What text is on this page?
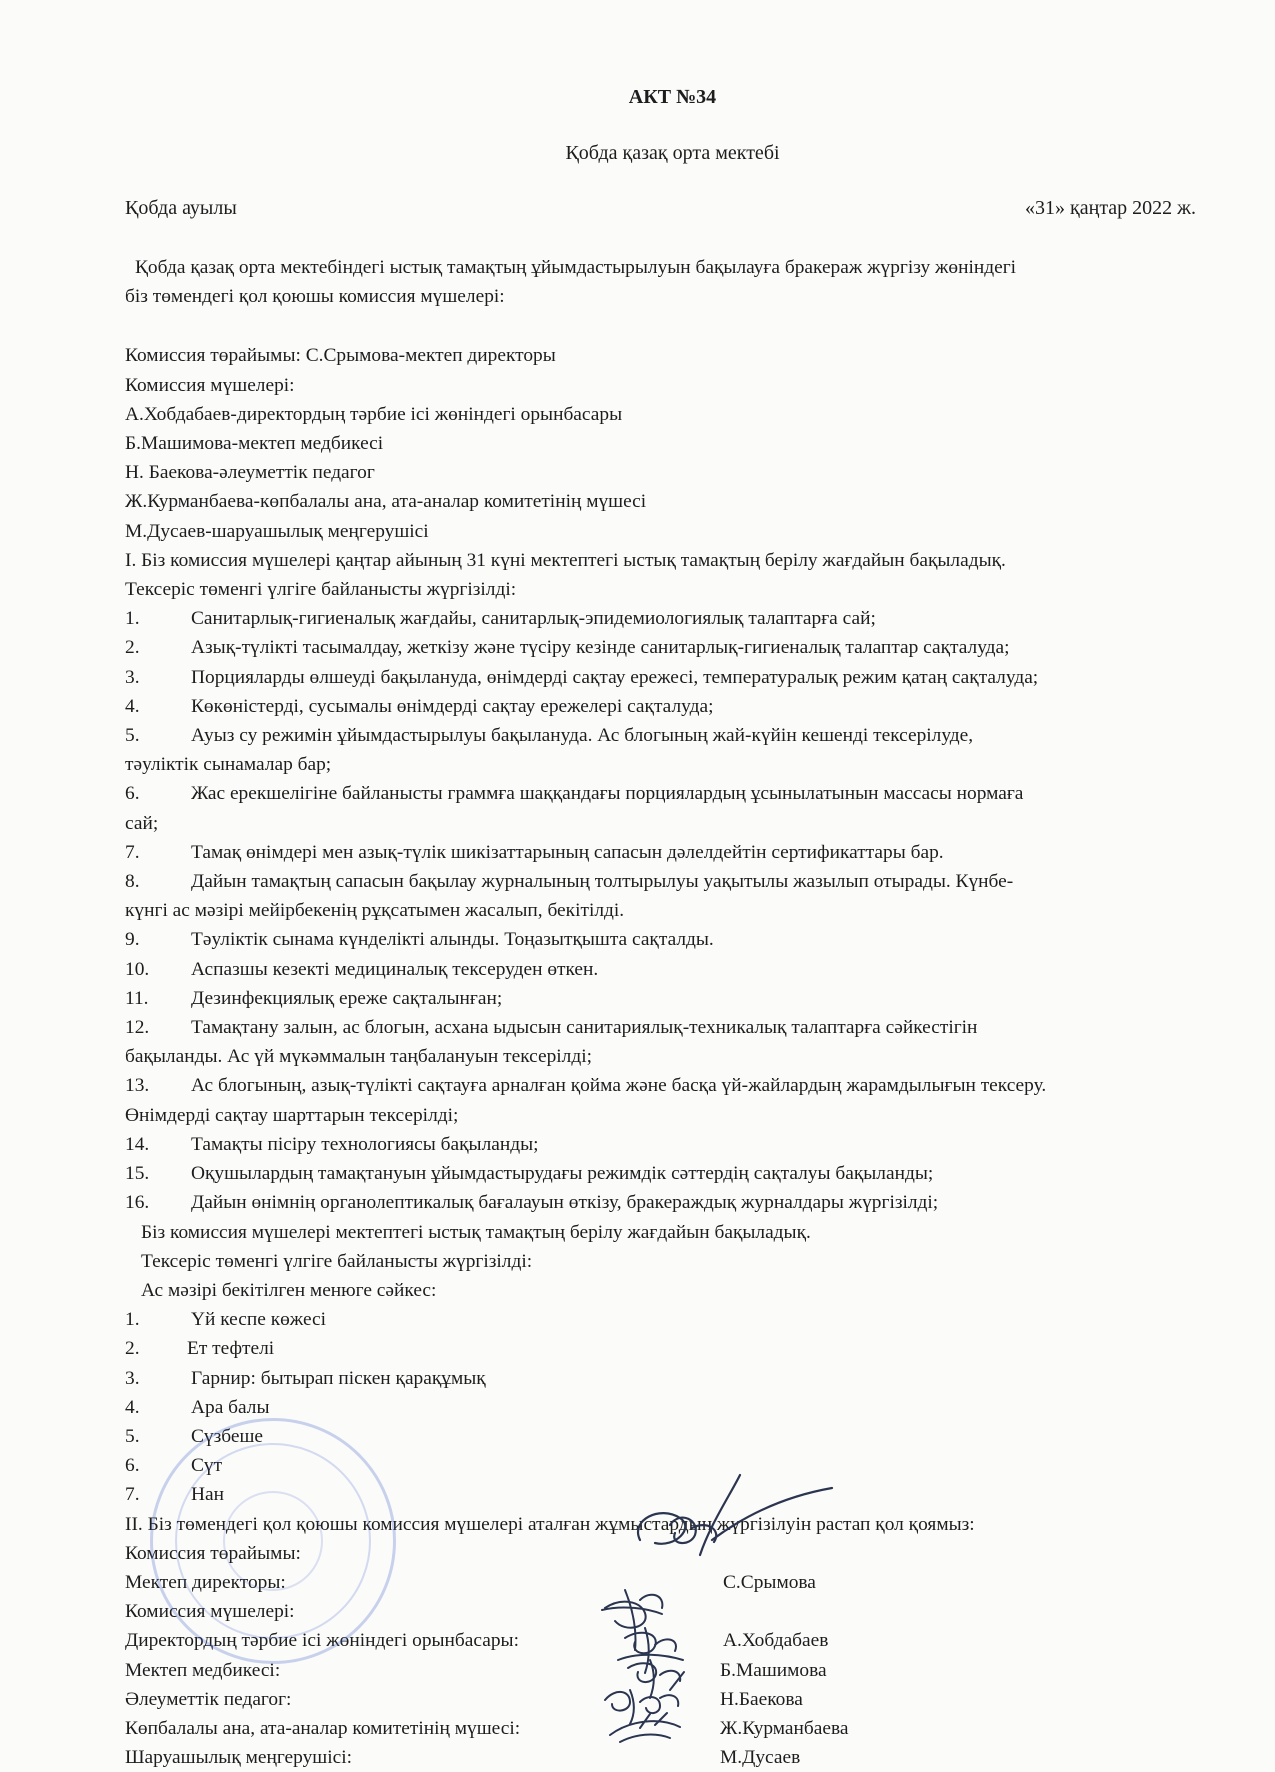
АКТ №34
Қобда қазақ орта мектебі
Қобда ауылы	«31» қаңтар 2022 ж.

Қобда қазақ орта мектебіндегі ыстық тамақтың ұйымдастырылуын бақылауға бракераж жүргізу жөніндегі

біз төмендегі қол қоюшы комиссия мүшелері:

Комиссия төрайымы: С.Срымова-мектеп директоры

Комиссия мүшелері:

А.Хобдабаев-директордың тәрбие ісі жөніндегі орынбасары

Б.Машимова-мектеп медбикесі

Н. Баекова-әлеуметтік педагог

Ж.Курманбаева-көпбалалы ана, ата-аналар комитетінің мүшесі

М.Дусаев-шаруашылық меңгерушісі

I. Біз комиссия мүшелері қаңтар айының 31 күні мектептегі ыстық тамақтың берілу жағдайын бақыладық.

Тексеріс төменгі үлгіге байланысты жүргізілді:

1.	Санитарлық-гигиеналық жағдайы, санитарлық-эпидемиологиялық талаптарға сай;

2.	Азық-түлікті тасымалдау, жеткізу және түсіру кезінде санитарлық-гигиеналық талаптар сақталуда;

3.	Порцияларды өлшеуді бақылануда, өнімдерді сақтау ережесі, температуралық режим қатаң сақталуда;

4.	Көкөністерді, сусымалы өнімдерді сақтау ережелері сақталуда;

5.	Ауыз су режимін ұйымдастырылуы бақылануда. Ас блогының жай-күйін кешенді тексерілуде,

тәуліктік сынамалар бар;

6.	Жас ерекшелігіне байланысты граммға шаққандағы порциялардың ұсынылатынын массасы нормаға

сай;

7.	Тамақ өнімдері мен азық-түлік шикізаттарының сапасын дәлелдейтін сертификаттары бар.

8.	Дайын тамақтың сапасын бақылау журналының толтырылуы уақытылы жазылып отырады. Күнбе-

күнгі ас мәзірі мейірбекенің рұқсатымен жасалып, бекітілді.

9.	Тәуліктік сынама күнделікті алынды. Тоңазытқышта сақталды.

10. Аспазшы кезекті медициналық тексеруден өткен.

11. Дезинфекциялық ереже сақталынған;

12. Тамақтану залын, ас блогын, асхана ыдысын санитариялық-техникалық талаптарға сәйкестігін

бақыланды. Ас үй мүкәммалын таңбалануын тексерілді;

13. Ас блогының, азық-түлікті сақтауға арналған қойма және басқа үй-жайлардың жарамдылығын тексеру.

Өнімдерді сақтау шарттарын тексерілді;

14. Тамақты пісіру технологиясы бақыланды;

15. Оқушылардың тамақтануын ұйымдастырудағы режимдік сәттердің сақталуы бақыланды;

16. Дайын өнімнің органолептикалық бағалауын өткізу, бракераждық журналдары жүргізілді;

Біз комиссия мүшелері мектептегі ыстық тамақтың берілу жағдайын бақыладық.

Тексеріс төменгі үлгіге байланысты жүргізілді:

Ас мәзірі бекітілген менюге сәйкес:

1.	Үй кеспе көжесі

2. Ет тефтелі

3.	Гарнир: бытырап піскен қарақұмық

4.	Ара балы

5.	Сүзбеше

6.	Сүт

7.	Нан

II. Біз төмендегі қол қоюшы комиссия мүшелері аталған жұмыстардың жүргізілуін растап қол қоямыз:

Комиссия төрайымы:

Мектеп директоры:	С.Срымова

Комиссия мүшелері:

Директордың тәрбие ісі жөніндегі орынбасары:	А.Хобдабаев
Мектеп медбикесі:	Б.Машимова
Әлеуметтік педагог:	Н.Баекова
Көпбалалы ана, ата-аналар комитетінің мүшесі:	Ж.Курманбаева
Шаруашылық меңгерушісі:	М.Дусаев
